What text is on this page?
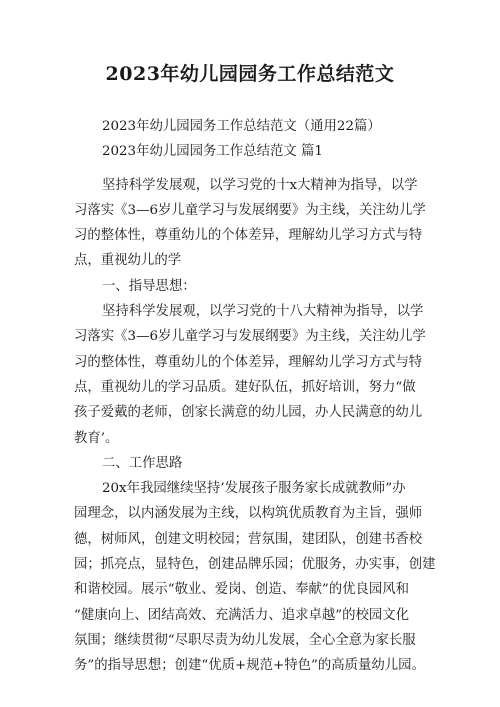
2023年幼儿园园务工作总结范文
2023年幼儿园园务工作总结范文（通用22篇）
2023年幼儿园园务工作总结范文 篇1
坚持科学发展观，以学习党的十x大精神为指导，以学
习落实《3—6岁儿童学习与发展纲要》为主线，关注幼儿学
习的整体性，尊重幼儿的个体差异，理解幼儿学习方式与特
点，重视幼儿的学
一、指导思想：
坚持科学发展观，以学习党的十八大精神为指导，以学
习落实《3—6岁儿童学习与发展纲要》为主线，关注幼儿学
习的整体性，尊重幼儿的个体差异，理解幼儿学习方式与特
点，重视幼儿的学习品质。建好队伍，抓好培训，努力“做
孩子爱戴的老师，创家长满意的幼儿园，办人民满意的幼儿
教育’。
二、工作思路
20x年我园继续坚持’发展孩子服务家长成就教师”办
园理念，以内涵发展为主线，以构筑优质教育为主旨，强师
德，树师风，创建文明校园；营氛围，建团队，创建书香校
园；抓亮点，显特色，创建品牌乐园；优服务，办实事，创建
和谐校园。展示“敬业、爱岗、创造、奉献”的优良园风和
“健康向上、团结高效、充满活力、追求卓越”的校园文化
氛围；继续贯彻“尽职尽责为幼儿发展，全心全意为家长服
务”的指导思想；创建“优质+规范+特色”的高质量幼儿园。
